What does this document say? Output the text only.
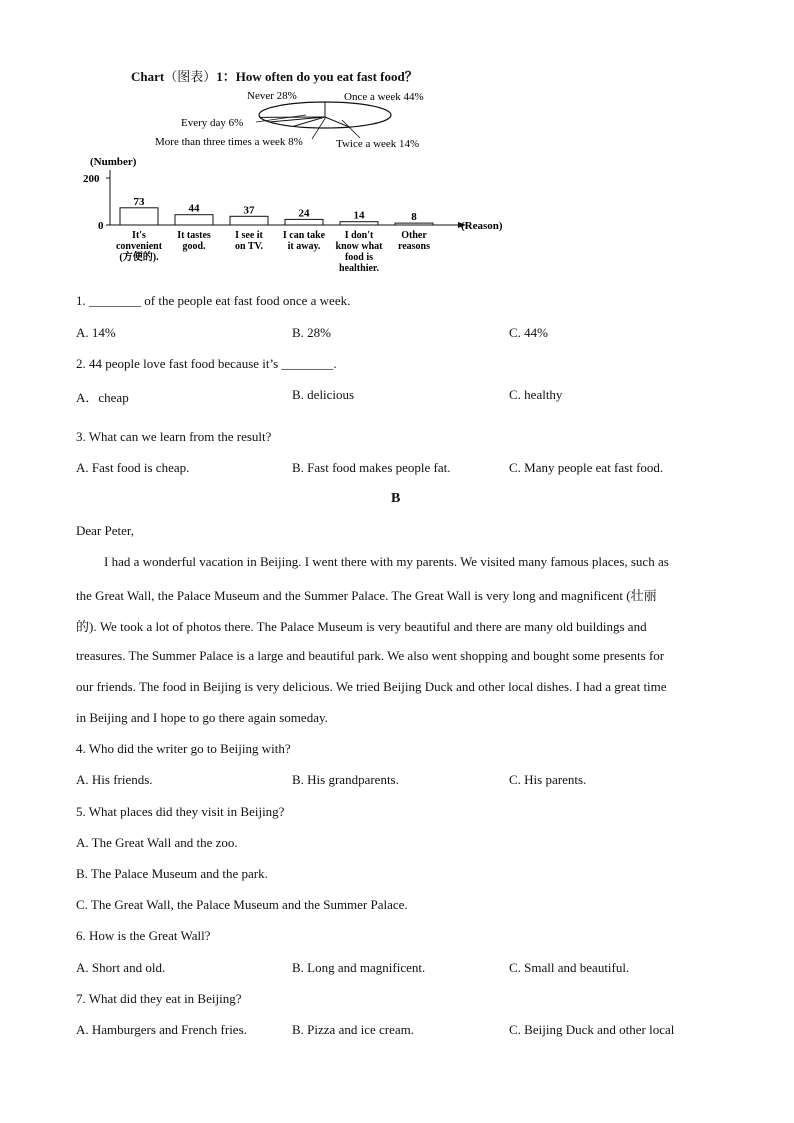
Chart（图表）1：How often do you eat fast food？
Never 28%	Once a week 44%
Every day 6%
More than three times a week 8%	Twice a week 14%
(Number)
200
0	(Reason)
73
It's
convenient
(方便的).
44
It tastes
good.
37
I see it
on TV.
24
I can take
it away.
14
I don't
know what
food is
healthier.
8
Other
reasons
1. ________ of the people eat fast food once a week.
A. 14%	B. 28%	C. 44%
2. 44 people love fast food because it’s ________.
A．cheap	B. delicious	C. healthy
3. What can we learn from the result?
A. Fast food is cheap.	B. Fast food makes people fat.	C. Many people eat fast food.
B
Dear Peter,
I had a wonderful vacation in Beijing. I went there with my parents. We visited many famous places, such as
the Great Wall, the Palace Museum and the Summer Palace. The Great Wall is very long and magnificent (壮丽
的). We took a lot of photos there. The Palace Museum is very beautiful and there are many old buildings and
treasures. The Summer Palace is a large and beautiful park. We also went shopping and bought some presents for
our friends. The food in Beijing is very delicious. We tried Beijing Duck and other local dishes. I had a great time
in Beijing and I hope to go there again someday.
4. Who did the writer go to Beijing with?
A. His friends.	B. His grandparents.	C. His parents.
5. What places did they visit in Beijing?
A. The Great Wall and the zoo.
B. The Palace Museum and the park.
C. The Great Wall, the Palace Museum and the Summer Palace.
6. How is the Great Wall?
A. Short and old.	B. Long and magnificent.	C. Small and beautiful.
7. What did they eat in Beijing?
A. Hamburgers and French fries.	B. Pizza and ice cream.	C. Beijing Duck and other local
